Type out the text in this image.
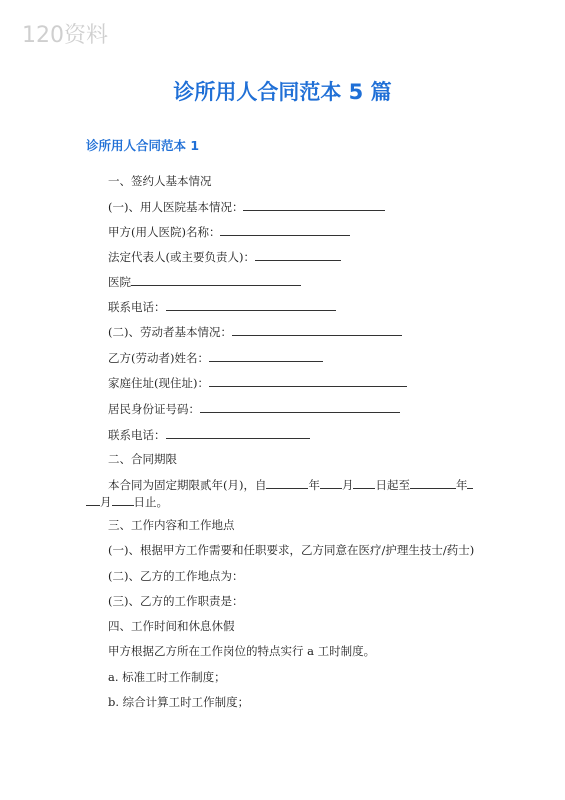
120资料
诊所用人合同范本 5 篇
诊所用人合同范本 1
一、签约人基本情况
(一)、用人医院基本情况：
甲方(用人医院)名称：
法定代表人(或主要负责人)：
医院
联系电话：
(二)、劳动者基本情况：
乙方(劳动者)姓名：
家庭住址(现住址)：
居民身份证号码：
联系电话：
二、合同期限
本合同为固定期限贰年(月)，自	年 月 日起至	年
月 日止。
三、工作内容和工作地点
(一)、根据甲方工作需要和任职要求，乙方同意在医疗/护理生技士/药士)
(二)、乙方的工作地点为：
(三)、乙方的工作职责是：
四、工作时间和休息休假
甲方根据乙方所在工作岗位的特点实行 a 工时制度。
a. 标准工时工作制度；
b. 综合计算工时工作制度；
